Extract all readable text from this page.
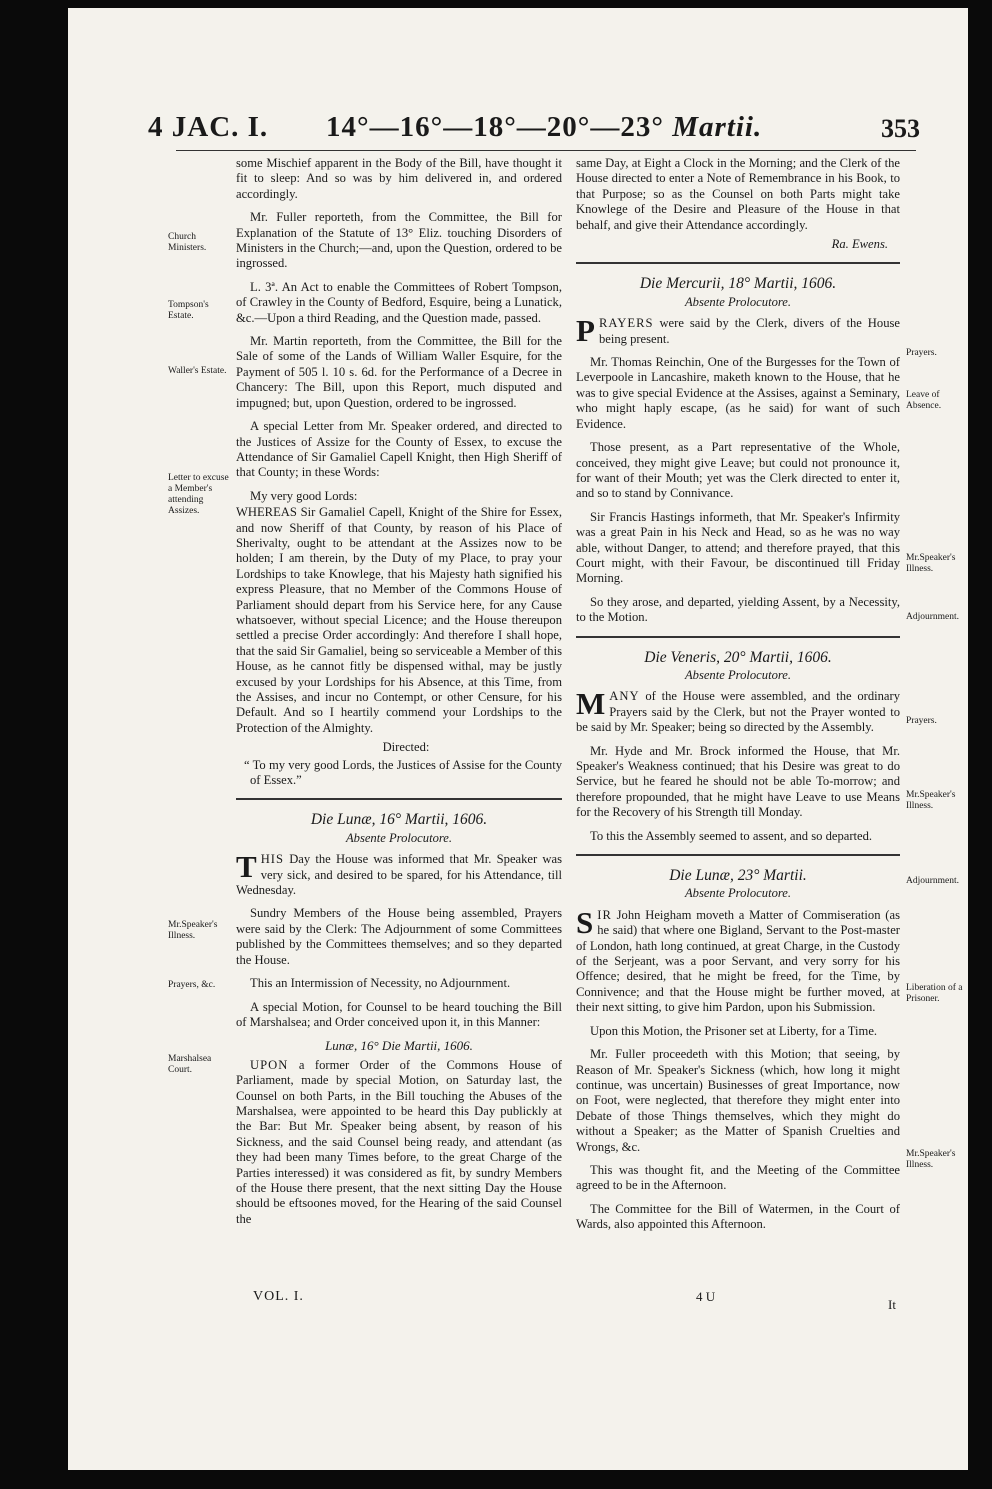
4 JAC. I. 14°—16°—18°—20°—23° Martii.	353
Church Ministers.
Tompson's Estate.
Waller's Estate.
Letter to excuse a Member's attending Assizes.
Mr.Speaker's Illness.
Prayers, &c.
Marshalsea Court.
Prayers.
Leave of Absence.
Mr.Speaker's Illness.
Adjournment.
Prayers.
Mr.Speaker's Illness.
Adjournment.
Liberation of a Prisoner.
Mr.Speaker's Illness.

some Mischief apparent in the Body of the Bill, have thought it fit to sleep: And so was by him delivered in, and ordered accordingly.

Mr. Fuller reporteth, from the Committee, the Bill for Explanation of the Statute of 13° Eliz. touching Disorders of Ministers in the Church;—and, upon the Question, ordered to be ingrossed.

L. 3ª. An Act to enable the Committees of Robert Tompson, of Crawley in the County of Bedford, Esquire, being a Lunatick, &c.—Upon a third Reading, and the Question made, passed.

Mr. Martin reporteth, from the Committee, the Bill for the Sale of some of the Lands of William Waller Esquire, for the Payment of 505 l. 10 s. 6d. for the Performance of a Decree in Chancery: The Bill, upon this Report, much disputed and impugned; but, upon Question, ordered to be ingrossed.

A special Letter from Mr. Speaker ordered, and directed to the Justices of Assize for the County of Essex, to excuse the Attendance of Sir Gamaliel Capell Knight, then High Sheriff of that County; in these Words:

My very good Lords:

WHEREAS Sir Gamaliel Capell, Knight of the Shire for Essex, and now Sheriff of that County, by reason of his Place of Sherivalty, ought to be attendant at the Assizes now to be holden; I am therein, by the Duty of my Place, to pray your Lordships to take Knowlege, that his Majesty hath signified his express Pleasure, that no Member of the Commons House of Parliament should depart from his Service here, for any Cause whatsoever, without special Licence; and the House thereupon settled a precise Order accordingly: And therefore I shall hope, that the said Sir Gamaliel, being so serviceable a Member of this House, as he cannot fitly be dispensed withal, may be justly excused by your Lordships for his Absence, at this Time, from the Assises, and incur no Contempt, or other Censure, for his Default. And so I heartily commend your Lordships to the Protection of the Almighty.

Directed:

“ To my very good Lords, the Justices of Assise for the County of Essex.”

Die Lunæ, 16° Martii, 1606.
Absente Prolocutore.

THIS Day the House was informed that Mr. Speaker was very sick, and desired to be spared, for his Attendance, till Wednesday.

Sundry Members of the House being assembled, Prayers were said by the Clerk: The Adjournment of some Committees published by the Committees themselves; and so they departed the House.

This an Intermission of Necessity, no Adjournment.

A special Motion, for Counsel to be heard touching the Bill of Marshalsea; and Order conceived upon it, in this Manner:

Lunæ, 16° Die Martii, 1606.

UPON a former Order of the Commons House of Parliament, made by special Motion, on Saturday last, the Counsel on both Parts, in the Bill touching the Abuses of the Marshalsea, were appointed to be heard this Day publickly at the Bar: But Mr. Speaker being absent, by reason of his Sickness, and the said Counsel being ready, and attendant (as they had been many Times before, to the great Charge of the Parties interessed) it was considered as fit, by sundry Members of the House there present, that the next sitting Day the House should be eftsoones moved, for the Hearing of the said Counsel the

same Day, at Eight a Clock in the Morning; and the Clerk of the House directed to enter a Note of Remembrance in his Book, to that Purpose; so as the Counsel on both Parts might take Knowlege of the Desire and Pleasure of the House in that behalf, and give their Attendance accordingly.

Ra. Ewens.
Die Mercurii, 18° Martii, 1606.
Absente Prolocutore.

PRAYERS were said by the Clerk, divers of the House being present.

Mr. Thomas Reinchin, One of the Burgesses for the Town of Leverpoole in Lancashire, maketh known to the House, that he was to give special Evidence at the Assises, against a Seminary, who might haply escape, (as he said) for want of such Evidence.

Those present, as a Part representative of the Whole, conceived, they might give Leave; but could not pronounce it, for want of their Mouth; yet was the Clerk directed to enter it, and so to stand by Connivance.

Sir Francis Hastings informeth, that Mr. Speaker's Infirmity was a great Pain in his Neck and Head, so as he was no way able, without Danger, to attend; and therefore prayed, that this Court might, with their Favour, be discontinued till Friday Morning.

So they arose, and departed, yielding Assent, by a Necessity, to the Motion.

Die Veneris, 20° Martii, 1606.
Absente Prolocutore.

MANY of the House were assembled, and the ordinary Prayers said by the Clerk, but not the Prayer wonted to be said by Mr. Speaker; being so directed by the Assembly.

Mr. Hyde and Mr. Brock informed the House, that Mr. Speaker's Weakness continued; that his Desire was great to do Service, but he feared he should not be able To-morrow; and therefore propounded, that he might have Leave to use Means for the Recovery of his Strength till Monday.

To this the Assembly seemed to assent, and so departed.

Die Lunæ, 23° Martii.
Absente Prolocutore.

SIR John Heigham moveth a Matter of Commiseration (as he said) that where one Bigland, Servant to the Post-master of London, hath long continued, at great Charge, in the Custody of the Serjeant, was a poor Servant, and very sorry for his Offence; desired, that he might be freed, for the Time, by Connivence; and that the House might be further moved, at their next sitting, to give him Pardon, upon his Submission.

Upon this Motion, the Prisoner set at Liberty, for a Time.

Mr. Fuller proceedeth with this Motion; that seeing, by Reason of Mr. Speaker's Sickness (which, how long it might continue, was uncertain) Businesses of great Importance, now on Foot, were neglected, that therefore they might enter into Debate of those Things themselves, which they might do without a Speaker; as the Matter of Spanish Cruelties and Wrongs, &c.

This was thought fit, and the Meeting of the Committee agreed to be in the Afternoon.

The Committee for the Bill of Watermen, in the Court of Wards, also appointed this Afternoon.

VOL. I.	4 U
It
